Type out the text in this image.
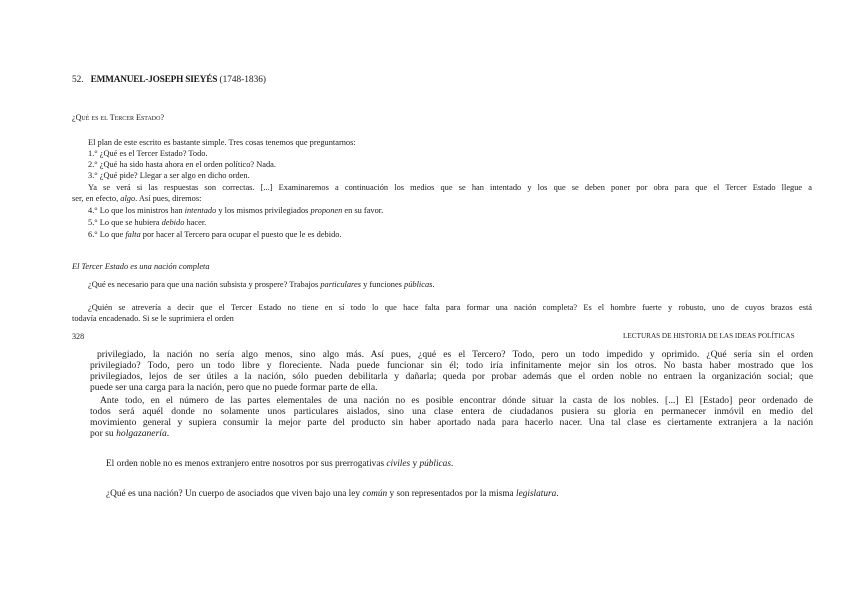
52. EMMANUEL-JOSEPH SIEYÉS (1748-1836)
¿Qué es el Tercer Estado?
El plan de este escrito es bastante simple. Tres cosas tenemos que preguntarnos:
1.° ¿Qué es el Tercer Estado? Todo.
2.° ¿Qué ha sido hasta ahora en el orden político? Nada.
3.° ¿Qué pide? Llegar a ser algo en dicho orden.
Ya se verá si las respuestas son correctas. [...] Examinaremos a continuación los medios que se han intentado y los que se deben poner por obra para que el Tercer Estado llegue a
ser, en efecto, algo. Así pues, diremos:
4.° Lo que los ministros han intentado y los mismos privilegiados proponen en su favor.
5.° Lo que se hubiera debido hacer.
6.° Lo que falta por hacer al Tercero para ocupar el puesto que le es debido.
El Tercer Estado es una nación completa
¿Qué es necesario para que una nación subsista y prospere? Trabajos particulares y funciones públicas.
¿Quién se atrevería a decir que el Tercer Estado no tiene en sí todo lo que hace falta para formar una nación completa? Es el hombre fuerte y robusto, uno de cuyos brazos está
todavía encadenado. Si se le suprimiera el orden
328	LECTURAS DE HISTORIA DE LAS IDEAS POLÍTICAS
privilegiado, la nación no sería algo menos, sino algo más. Así pues, ¿qué es el Tercero? Todo, pero un todo impedido y oprimido. ¿Qué sería sin el orden
privilegiado? Todo, pero un todo libre y floreciente. Nada puede funcionar sin él; todo iría infinitamente mejor sin los otros. No basta haber mostrado que los
privilegiados, lejos de ser útiles a la nación, sólo pueden debilitarla y dañarla; queda por probar además que el orden noble no entraen la organización social; que
puede ser una carga para la nación, pero que no puede formar parte de ella.
Ante todo, en el número de las partes elementales de una nación no es posible encontrar dónde situar la casta de los nobles. [...] El [Estado] peor ordenado de
todos será aquél donde no solamente unos particulares aislados, sino una clase entera de ciudadanos pusiera su gloria en permanecer inmóvil en medio del
movimiento general y supiera consumir la mejor parte del producto sin haber aportado nada para hacerlo nacer. Una tal clase es ciertamente extranjera a la nación
por su holgazanería.
El orden noble no es menos extranjero entre nosotros por sus prerrogativas civiles y públicas.
¿Qué es una nación? Un cuerpo de asociados que viven bajo una ley común y son representados por la misma legislatura.
